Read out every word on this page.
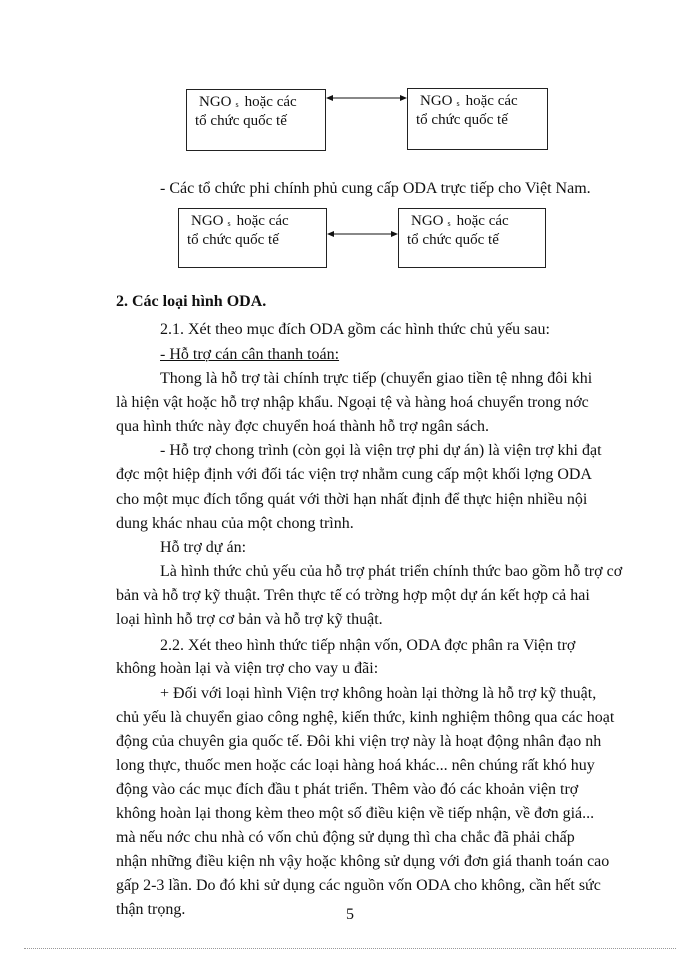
NGO $_s$ hoặc các
tổ chức quốc tế
NGO $_s$ hoặc các
tổ chức quốc tế
- Các tổ chức phi chính phủ cung cấp ODA trực tiếp cho Việt Nam.
NGO $_s$ hoặc các
tổ chức quốc tế
NGO $_s$ hoặc các
tổ chức quốc tế
2. Các loại hình ODA.
2.1. Xét theo mục đích ODA gồm các hình thức chủ yếu sau:
- Hỗ trợ cán cân thanh toán:
Thong là hỗ trợ tài chính trực tiếp (chuyển giao tiền tệ nhng đôi khi
là hiện vật hoặc hỗ trợ nhập khẩu. Ngoại tệ và hàng hoá chuyển trong nớc
qua hình thức này đợc chuyển hoá thành hỗ trợ ngân sách.
- Hỗ trợ chong trình (còn gọi là viện trợ phi dự án) là viện trợ khi đạt
đợc một hiệp định với đối tác viện trợ nhằm cung cấp một khối lợng ODA
cho một mục đích tổng quát với thời hạn nhất định để thực hiện nhiều nội
dung khác nhau của một chong trình.
Hỗ trợ dự án:
Là hình thức chủ yếu của hỗ trợ phát triển chính thức bao gồm hỗ trợ cơ
bản và hỗ trợ kỹ thuật. Trên thực tế có trờng hợp một dự án kết hợp cả hai
loại hình hỗ trợ cơ bản và hỗ trợ kỹ thuật.
2.2. Xét theo hình thức tiếp nhận vốn, ODA đợc phân ra Viện trợ
không hoàn lại và viện trợ cho vay u đãi:
+ Đối với loại hình Viện trợ không hoàn lại thờng là hỗ trợ kỹ thuật,
chủ yếu là chuyển giao công nghệ, kiến thức, kinh nghiệm thông qua các hoạt
động của chuyên gia quốc tế. Đôi khi viện trợ này là hoạt động nhân đạo nh
long thực, thuốc men hoặc các loại hàng hoá khác... nên chúng rất khó huy
động vào các mục đích đầu t phát triển. Thêm vào đó các khoản viện trợ
không hoàn lại thong kèm theo một số điều kiện về tiếp nhận, về đơn giá...
mà nếu nớc chu nhà có vốn chủ động sử dụng thì cha chắc đã phải chấp
nhận những điều kiện nh vậy hoặc không sử dụng với đơn giá thanh toán cao
gấp 2-3 lần. Do đó khi sử dụng các nguồn vốn ODA cho không, cần hết sức
thận trọng.	5
